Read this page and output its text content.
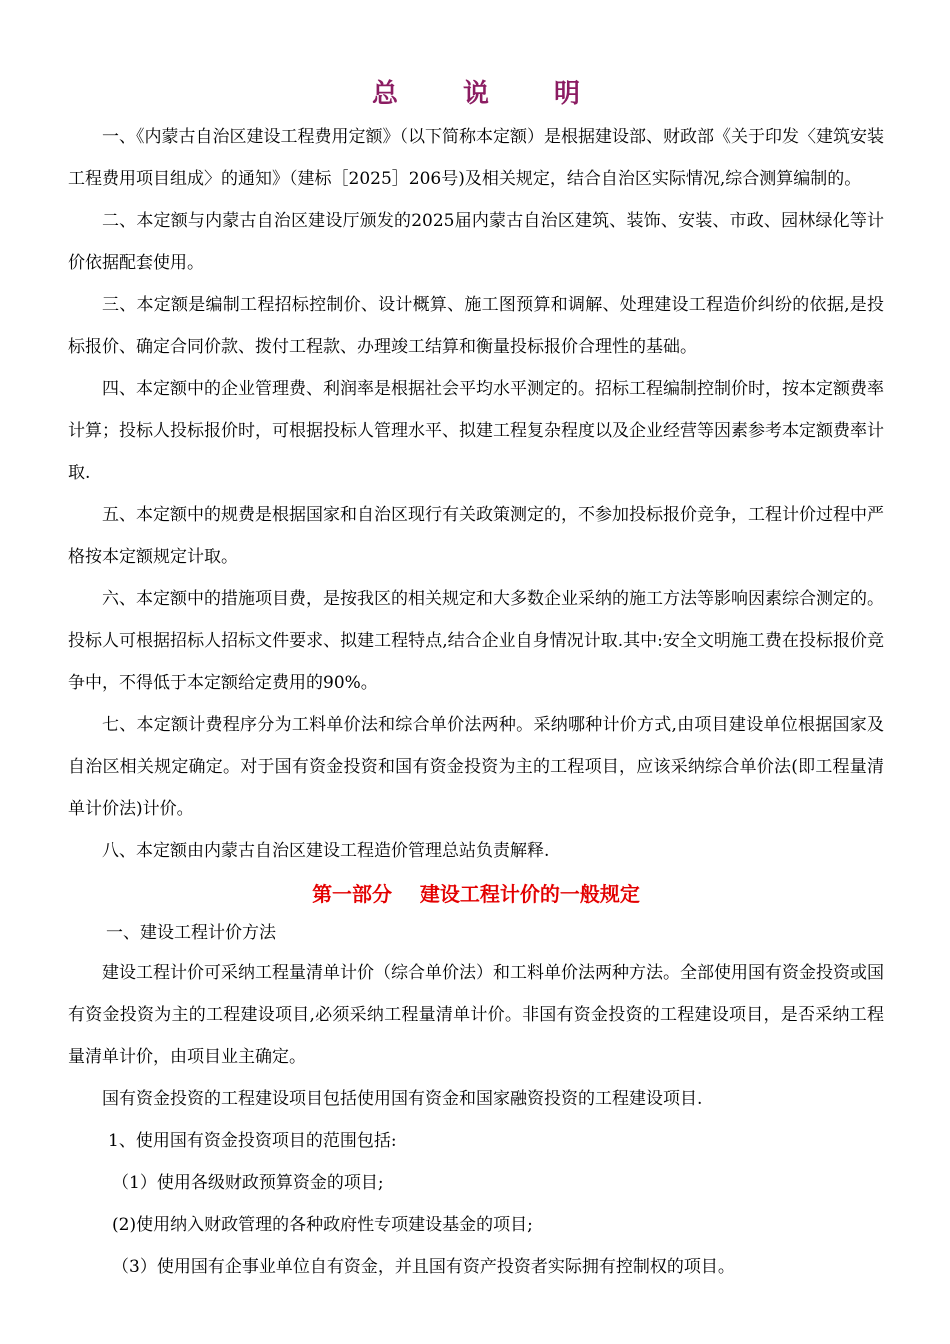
总 说 明

一、《内蒙古自治区建设工程费用定额》（以下简称本定额）是根据建设部、财政部《关于印发〈建筑安装工程费用项目组成〉的通知》（建标［2025］206号)及相关规定，结合自治区实际情况,综合测算编制的。

二、本定额与内蒙古自治区建设厅颁发的2025届内蒙古自治区建筑、装饰、安装、市政、园林绿化等计价依据配套使用。

三、本定额是编制工程招标控制价、设计概算、施工图预算和调解、处理建设工程造价纠纷的依据,是投标报价、确定合同价款、拨付工程款、办理竣工结算和衡量投标报价合理性的基础。

四、本定额中的企业管理费、利润率是根据社会平均水平测定的。招标工程编制控制价时，按本定额费率计算；投标人投标报价时，可根据投标人管理水平、拟建工程复杂程度以及企业经营等因素参考本定额费率计取.

五、本定额中的规费是根据国家和自治区现行有关政策测定的，不参加投标报价竞争，工程计价过程中严格按本定额规定计取。

六、本定额中的措施项目费，是按我区的相关规定和大多数企业采纳的施工方法等影响因素综合测定的。投标人可根据招标人招标文件要求、拟建工程特点,结合企业自身情况计取.其中:安全文明施工费在投标报价竞争中，不得低于本定额给定费用的90%。

七、本定额计费程序分为工料单价法和综合单价法两种。采纳哪种计价方式,由项目建设单位根据国家及自治区相关规定确定。对于国有资金投资和国有资金投资为主的工程项目，应该采纳综合单价法(即工程量清单计价法)计价。

八、本定额由内蒙古自治区建设工程造价管理总站负责解释.

第一部分    建设工程计价的一般规定

一、建设工程计价方法

建设工程计价可采纳工程量清单计价（综合单价法）和工料单价法两种方法。全部使用国有资金投资或国有资金投资为主的工程建设项目,必须采纳工程量清单计价。非国有资金投资的工程建设项目，是否采纳工程量清单计价，由项目业主确定。

国有资金投资的工程建设项目包括使用国有资金和国家融资投资的工程建设项目.

1、使用国有资金投资项目的范围包括:

（1）使用各级财政预算资金的项目;

(2)使用纳入财政管理的各种政府性专项建设基金的项目;

（3）使用国有企事业单位自有资金，并且国有资产投资者实际拥有控制权的项目。
